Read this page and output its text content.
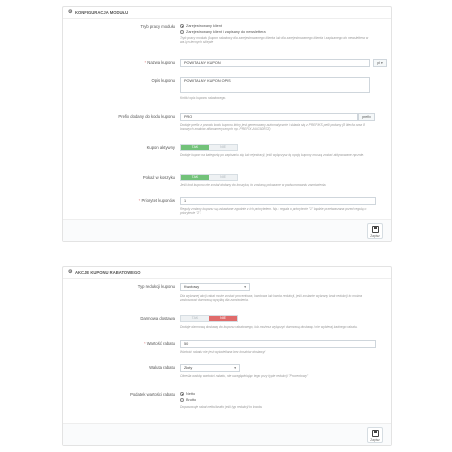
⚙ KONFIGURACJA MODUŁU
Tryb pracy modułu	Zarejestrowany klient
Zarejestrowany klient i zapisany do newslettera
Tryb pracy modułu (kupon rabatowy dla zarejestrowanego klienta lub dla zarejestrowanego klienta i zapisanego do newslettera w wa-lyn-tecnych sklepie
* Nazwa kuponu	POWITALNY KUPON	pl ▾
Opis kuponu	POWITALNY KUPON OPIS
Krótki opis kuponu rabatowego.
Prefix dodany do kodu kuponu	PRO	prefix
Dodaje prefix z przodu kodu kuponu który jest generowany automatycznie i składa się z PREFIKS pełli podany (8 liter/ia oraz 8 losowych znaków alfanumerycznych np. PREFIX-AUG92B7Z)
Kupon aktywny	TAK	NIE
Dodaje kupon na kategorię po zapisaniu się lub rejestracji, jeśli wyłączysz tę opcję kupony muszą zostać aktywowane ręcznie.
Pokaż w koszyku	TAK	NIE
Jeśli kod kuponu nie został dodany do koszyka, to zostaną pokazane w podsumowaniu zamówienia.
* Priorytet kuponów	1
Reguły zmiany kuponu są ustawiane zgodnie z ich priorytetem. Np.: reguła o priorytecie "1" będzie przetwarzana przed regułą o priorytecie "2".
Zapisz
⚙ AKCJE KUPONU RABATOWEGO
Typ redukcji kuponu	Kwotowy	▾
Dla wybranej akcji rabat może zostać procentowa, kwotowa lub kwota redukcji, jeśli zostanie wybrany brak redukcji to można zastosować darmową wysyłkę dla zamówienia.
Darmowa dostawa	TAK	NIE
Dodaje darmową dostawę do kuponu rabatowego, lub możesz wyłączyć darmową dostawę i nie wybieraj żadnego rabatu.
* Wartość rabatu	50
Wartość rabatu nie jest wyświetlana bez kosztów dostawy!
Waluta rabatu	Złoty	▾
Określa walutę wartości rabatu, nie uwzględniając tego przy typie redukcji "Procentowy"
Podatek wartości rabatu	Netto
Brutto
Dopasowuje rabat netto/brutto jeśli typ redukcji to kwota.
Zapisz
